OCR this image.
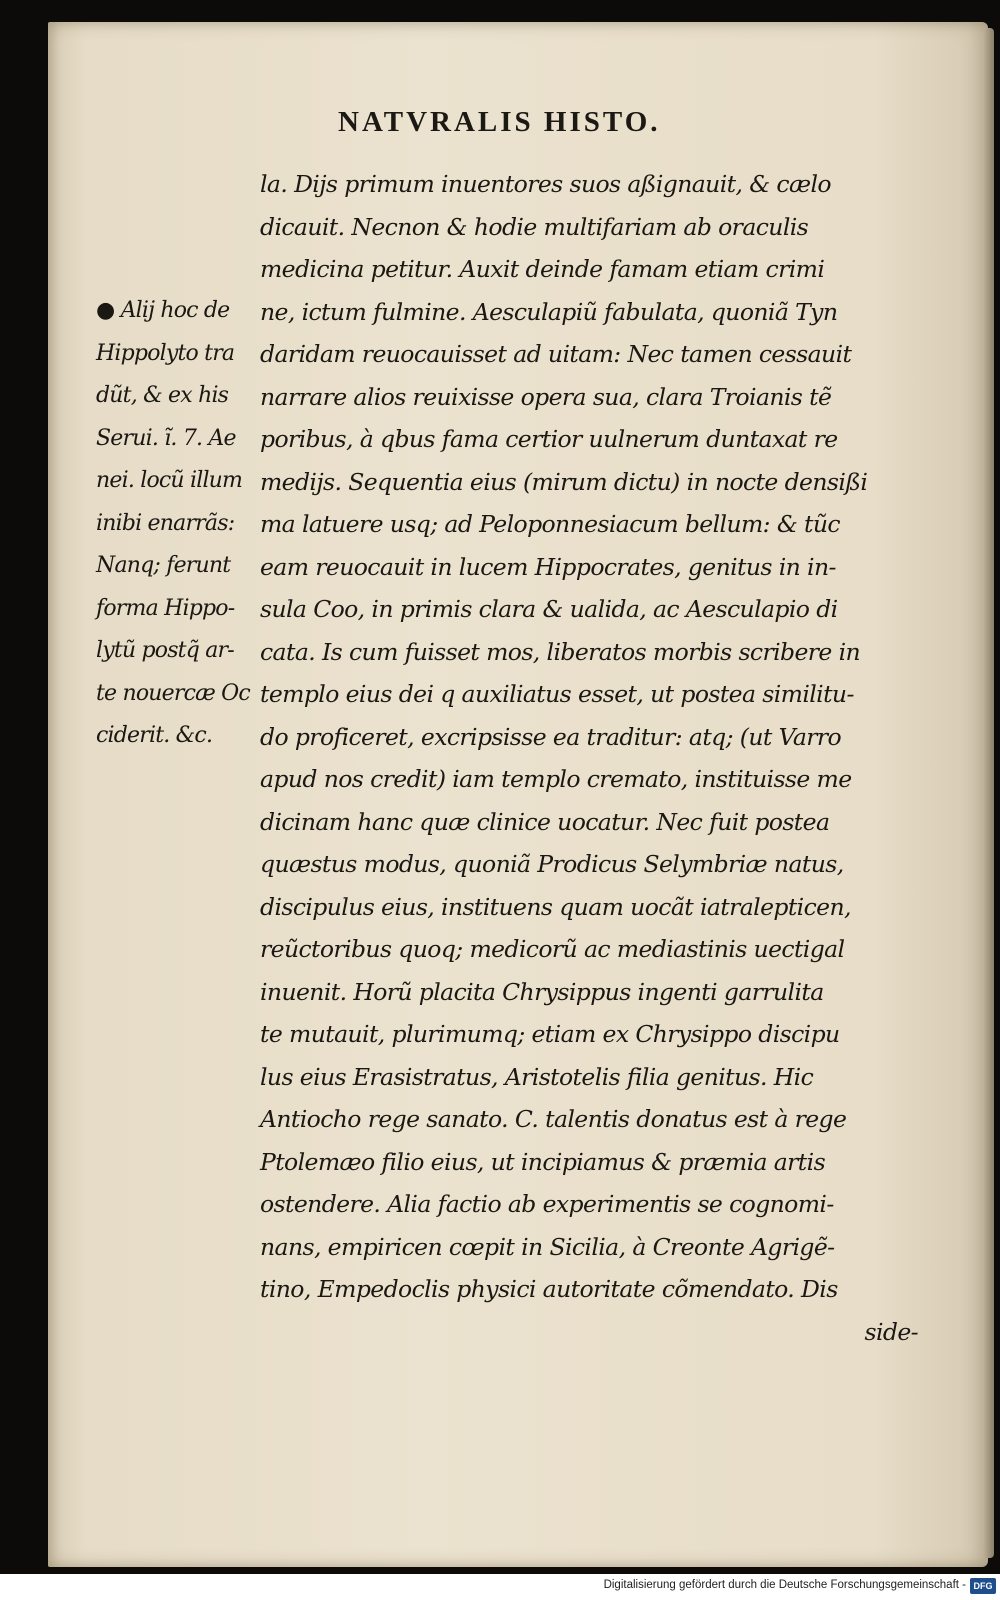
NATVRALIS HISTO.
la. Dijs primum inuentores suos aßignauit, & cælo
dicauit. Necnon & hodie multifariam ab oraculis
medicina petitur. Auxit deinde famam etiam crimi
ne, ictum fulmine. Aesculapiũ fabulata, quoniã Tyn
daridam reuocauisset ad uitam: Nec tamen cessauit
narrare alios reuixisse opera sua, clara Troianis tẽ
poribus, à qbus fama certior uulnerum duntaxat re
medijs. Sequentia eius (mirum dictu) in nocte densißi
ma latuere usq; ad Peloponnesiacum bellum: & tũc
eam reuocauit in lucem Hippocrates, genitus in in-
sula Coo, in primis clara & ualida, ac Aesculapio di
cata. Is cum fuisset mos, liberatos morbis scribere in
templo eius dei q auxiliatus esset, ut postea similitu-
do proficeret, excripsisse ea traditur: atq; (ut Varro
apud nos credit) iam templo cremato, instituisse me
dicinam hanc quæ clinice uocatur. Nec fuit postea
quæstus modus, quoniã Prodicus Selymbriæ natus,
discipulus eius, instituens quam uocãt iatralepticen,
reũctoribus quoq; medicorũ ac mediastinis uectigal
inuenit. Horũ placita Chrysippus ingenti garrulita
te mutauit, plurimumq; etiam ex Chrysippo discipu
lus eius Erasistratus, Aristotelis filia genitus. Hic
Antiocho rege sanato. C. talentis donatus est à rege
Ptolemæo filio eius, ut incipiamus & præmia artis
ostendere. Alia factio ab experimentis se cognomi-
nans, empiricen cœpit in Sicilia, à Creonte Agrigẽ-
tino, Empedoclis physici autoritate cõmendato. Dis
side-
● Alij hoc de
Hippolyto tra
dũt, & ex his
Serui. ĩ. 7. Ae
nei. locũ illum
inibi enarrãs:
Nanq; ferunt
forma Hippo-
lytũ postq̃ ar-
te nouercæ Oc
ciderit. &c.
Digitalisierung gefördert durch die Deutsche Forschungsgemeinschaft - DFG
